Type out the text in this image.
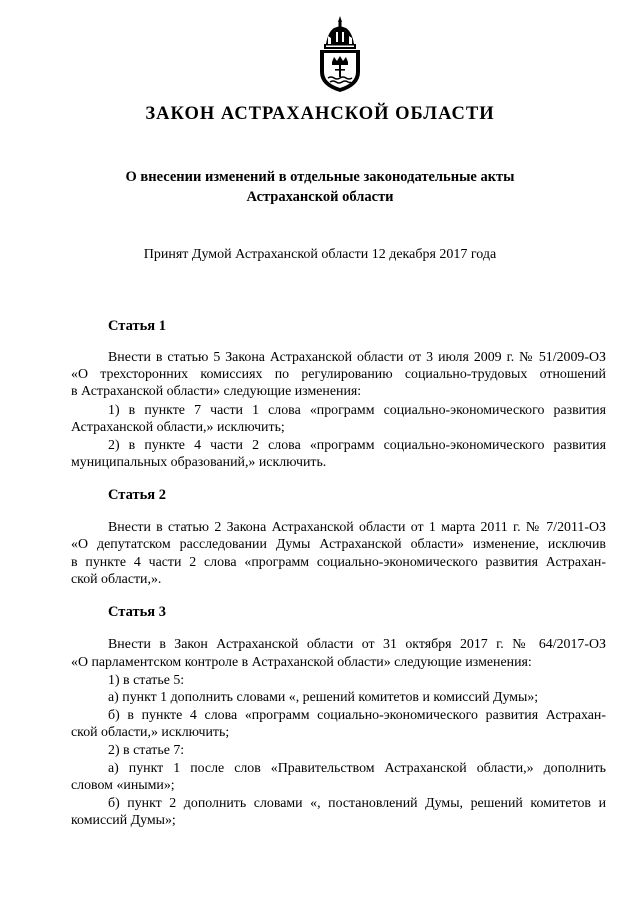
ЗАКОН АСТРАХАНСКОЙ ОБЛАСТИ

О внесении изменений в отдельные законодательные акты

Астраханской области

Принят Думой Астраханской области 12 декабря 2017 года

Статья 1

Внести в статью 5 Закона Астраханской области от 3 июля 2009 г. № 51/2009-ОЗ

«О трехсторонних комиссиях по регулированию социально-трудовых отношений

в Астраханской области» следующие изменения:

1) в пункте 7 части 1 слова «программ социально-экономического развития

Астраханской области,» исключить;

2) в пункте 4 части 2 слова «программ социально-экономического развития

муниципальных образований,» исключить.

Статья 2

Внести в статью 2 Закона Астраханской области от 1 марта 2011 г. № 7/2011-ОЗ

«О депутатском расследовании Думы Астраханской области» изменение, исключив

в пункте 4 части 2 слова «программ социально-экономического развития Астрахан-

ской области,».

Статья 3

Внести в Закон Астраханской области от 31 октября 2017 г. № 64/2017-ОЗ

«О парламентском контроле в Астраханской области» следующие изменения:

1) в статье 5:

а) пункт 1 дополнить словами «, решений комитетов и комиссий Думы»;

б) в пункте 4 слова «программ социально-экономического развития Астрахан-

ской области,» исключить;

2) в статье 7:

а) пункт 1 после слов «Правительством Астраханской области,» дополнить

словом «иными»;

б) пункт 2 дополнить словами «, постановлений Думы, решений комитетов и

комиссий Думы»;
